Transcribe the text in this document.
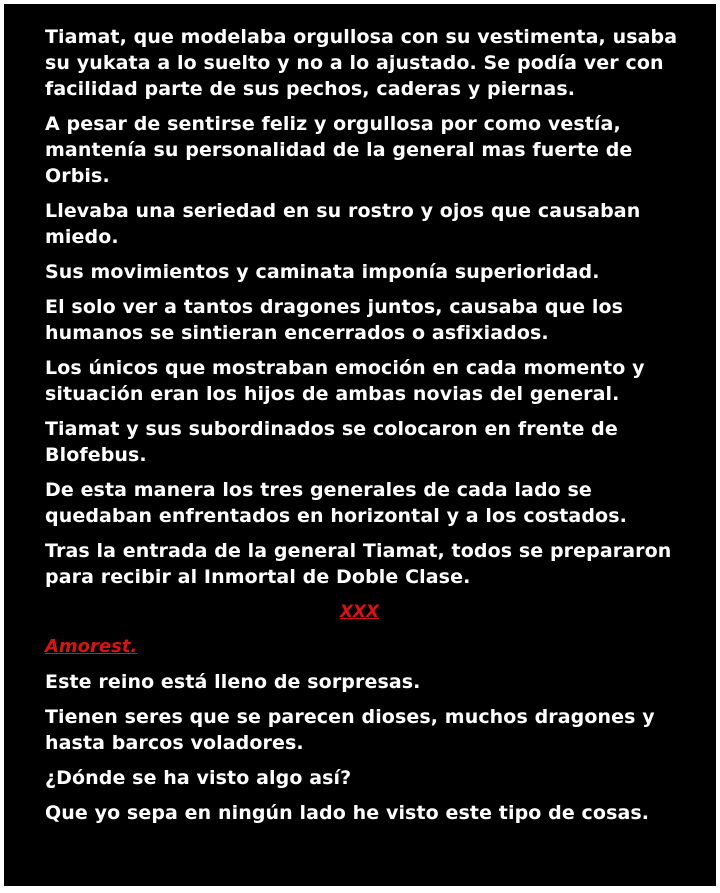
Tiamat, que modelaba orgullosa con su vestimenta, usaba su yukata a lo suelto y no a lo ajustado. Se podía ver con facilidad parte de sus pechos, caderas y piernas.

A pesar de sentirse feliz y orgullosa por como vestía, mantenía su personalidad de la general mas fuerte de Orbis.

Llevaba una seriedad en su rostro y ojos que causaban miedo.

Sus movimientos y caminata imponía superioridad.

El solo ver a tantos dragones juntos, causaba que los humanos se sintieran encerrados o asfixiados.

Los únicos que mostraban emoción en cada momento y situación eran los hijos de ambas novias del general.

Tiamat y sus subordinados se colocaron en frente de Blofebus.

De esta manera los tres generales de cada lado se quedaban enfrentados en horizontal y a los costados.

Tras la entrada de la general Tiamat, todos se prepararon para recibir al Inmortal de Doble Clase.

XXX
Amorest.

Este reino está lleno de sorpresas.

Tienen seres que se parecen dioses, muchos dragones y hasta barcos voladores.

¿Dónde se ha visto algo así?

Que yo sepa en ningún lado he visto este tipo de cosas.
